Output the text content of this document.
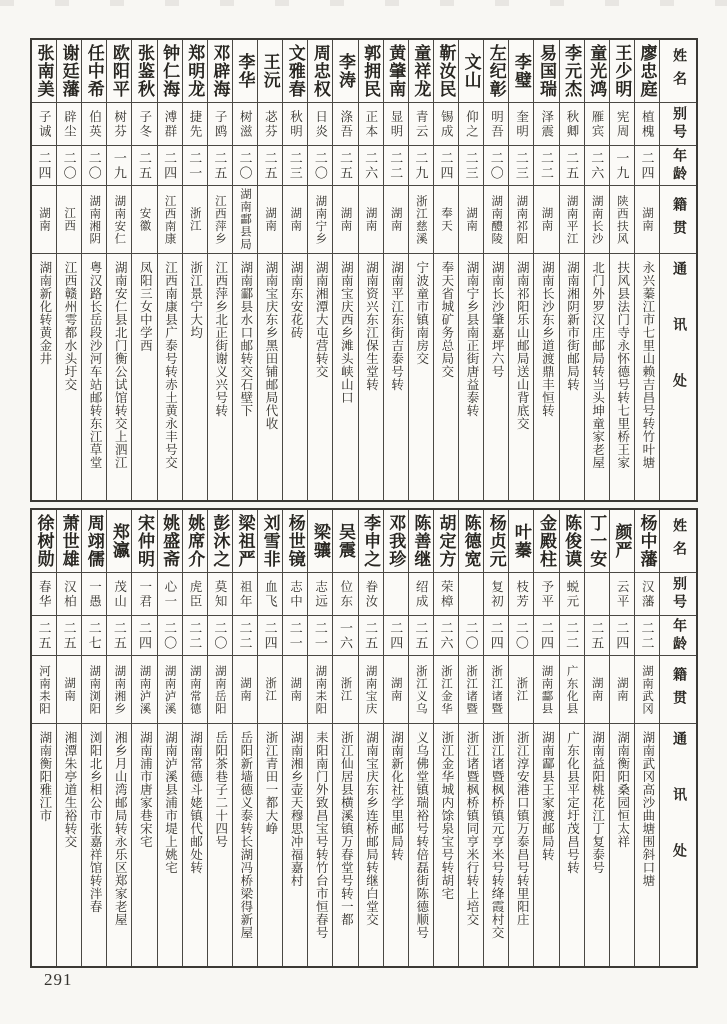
姓名
别号
年龄
籍贯
通讯处
廖忠庭
植槐
二四
湖南
永兴蓁江市七里山赖吉昌号转竹叶塘
王少明
宪周
一九
陕西扶风
扶风县法门寺永怀德号转七里桥王家
童光鸿
雁宾
二六
湖南长沙
北门外罗汉庄邮局转当头坤童家老屋
李元杰
秋卿
二五
湖南平江
湖南湘阴新市街邮局转
易国瑞
泽震
二二
湖南
湖南长沙东乡道渡鼎丰恒转
李璧
奎明
二三
湖南祁阳
湖南祁阳乐山邮局送山背底交
左纪彰
明吾
二〇
湖南醴陵
湖南长沙肇嘉坪六号
文山
仰之
二三
湖南
湖南宁乡县南正街唐益泰转
靳汝民
锡成
二四
奉天
奉天省城矿务总局交
童祥龙
青云
二九
浙江慈溪
宁波童市镇南房交
黄肇南
显明
二二
湖南
湖南平江东街吉泰号转
郭拥民
正本
二六
湖南
湖南资兴东江保生堂转
李涛
涤吾
二五
湖南
湖南宝庆西乡滩头峡山口
周忠权
日炎
二〇
湖南宁乡
湖南湘潭大屯营转交
文雅春
秋明
二三
湖南
湖南东安花砖
王沅
苾芬
二五
湖南
湖南宝庆东乡黑田铺邮局代收
李华
树滋
二〇
湖南酃县局
湖南酃县水口邮转交石壁下
邓辟海
子鸥
二五
江西萍乡
江西萍乡北正街谢义兴号转
郑明龙
捷先
二一
浙江
浙江景宁大均
钟仁海
溥群
二四
江西南康
江西南康县广泰号转赤土黄永丰号交
张鉴秋
子冬
二五
安徽
凤阳三女中学西
欧阳平
树芬
一九
湖南安仁
湖南安仁县北门衡公试馆转交上泗江
任中希
伯英
二〇
湖南湘阴
粤汉路长岳段沙河车站邮转东江草堂
谢廷藩
辟尘
二〇
江西
江西赣州雩都水头圩交
张南美
子诚
二四
湖南
湖南新化转黄金井
姓名
别号
年龄
籍贯
通讯处
杨中藩
汉藩
二二
湖南武冈
湖南武冈高沙曲塘围斜口塘
颜严
云平
二四
湖南
湖南衡阳桑园恒太祥
丁一安
二五
湖南
湖南益阳桃花江丁复泰号
陈俊谟
蜕元
二二
广东化县
广东化县平定圩茂昌号转
金殿柱
予平
二四
湖南酃县
湖南酃县王家渡邮局转
叶蓁
枝芳
二〇
浙江
浙江淳安港口镇万泰昌号转里阳庄
杨贞元
复初
二四
浙江诸暨
浙江诸暨枫桥镇元亨米号转绛霞村交
陈德宽
二〇
浙江诸暨
浙江诸暨枫桥镇同亨米行转上培交
胡定方
荣樟
二六
浙江金华
浙江金华城内馀泉宝号转胡宅
陈善继
绍成
二五
浙江义乌
义乌佛堂镇瑞裕号转倍磊街陈德顺号
邓我珍
二四
湖南
湖南新化社学里邮局转
李申之
眷汝
二五
湖南宝庆
湖南宝庆东乡连桥邮局转继白堂交
吴震
位东
一六
浙江
浙江仙居县横溪镇万春堂号转一都
梁骧
志远
二一
湖南耒阳
耒阳南门外致昌宝号转竹台市恒春号
杨世镜
志中
二一
湖南
湖南湘乡壶天穆思冲福嘉村
刘雪非
血飞
二四
浙江
浙江青田一都大峥
梁祖严
祖年
二二
湖南
岳阳新墙德义泰转长湖冯桥梁得新屋
彭沐之
莫知
二〇
湖南岳阳
岳阳茶巷子二十四号
姚席介
虎臣
二二
湖南常德
湖南常德斗姥镇代邮处转
姚盛斋
心一
二〇
湖南泸溪
湖南泸溪县浦市堤上姚宅
宋仲明
一君
二四
湖南泸溪
湖南浦市唐家巷宋宅
郑瀛
茂山
二五
湖南湘乡
湘乡月山湾邮局转永乐区郑家老屋
周翊儒
一愚
二七
湖南浏阳
浏阳北乡相公市张嘉祥馆转泮春
萧世雄
汉柏
二五
湖南
湘潭朱亭道生裕转交
徐树勋
春华
二五
河南耒阳
湖南衡阳雅江市
291
